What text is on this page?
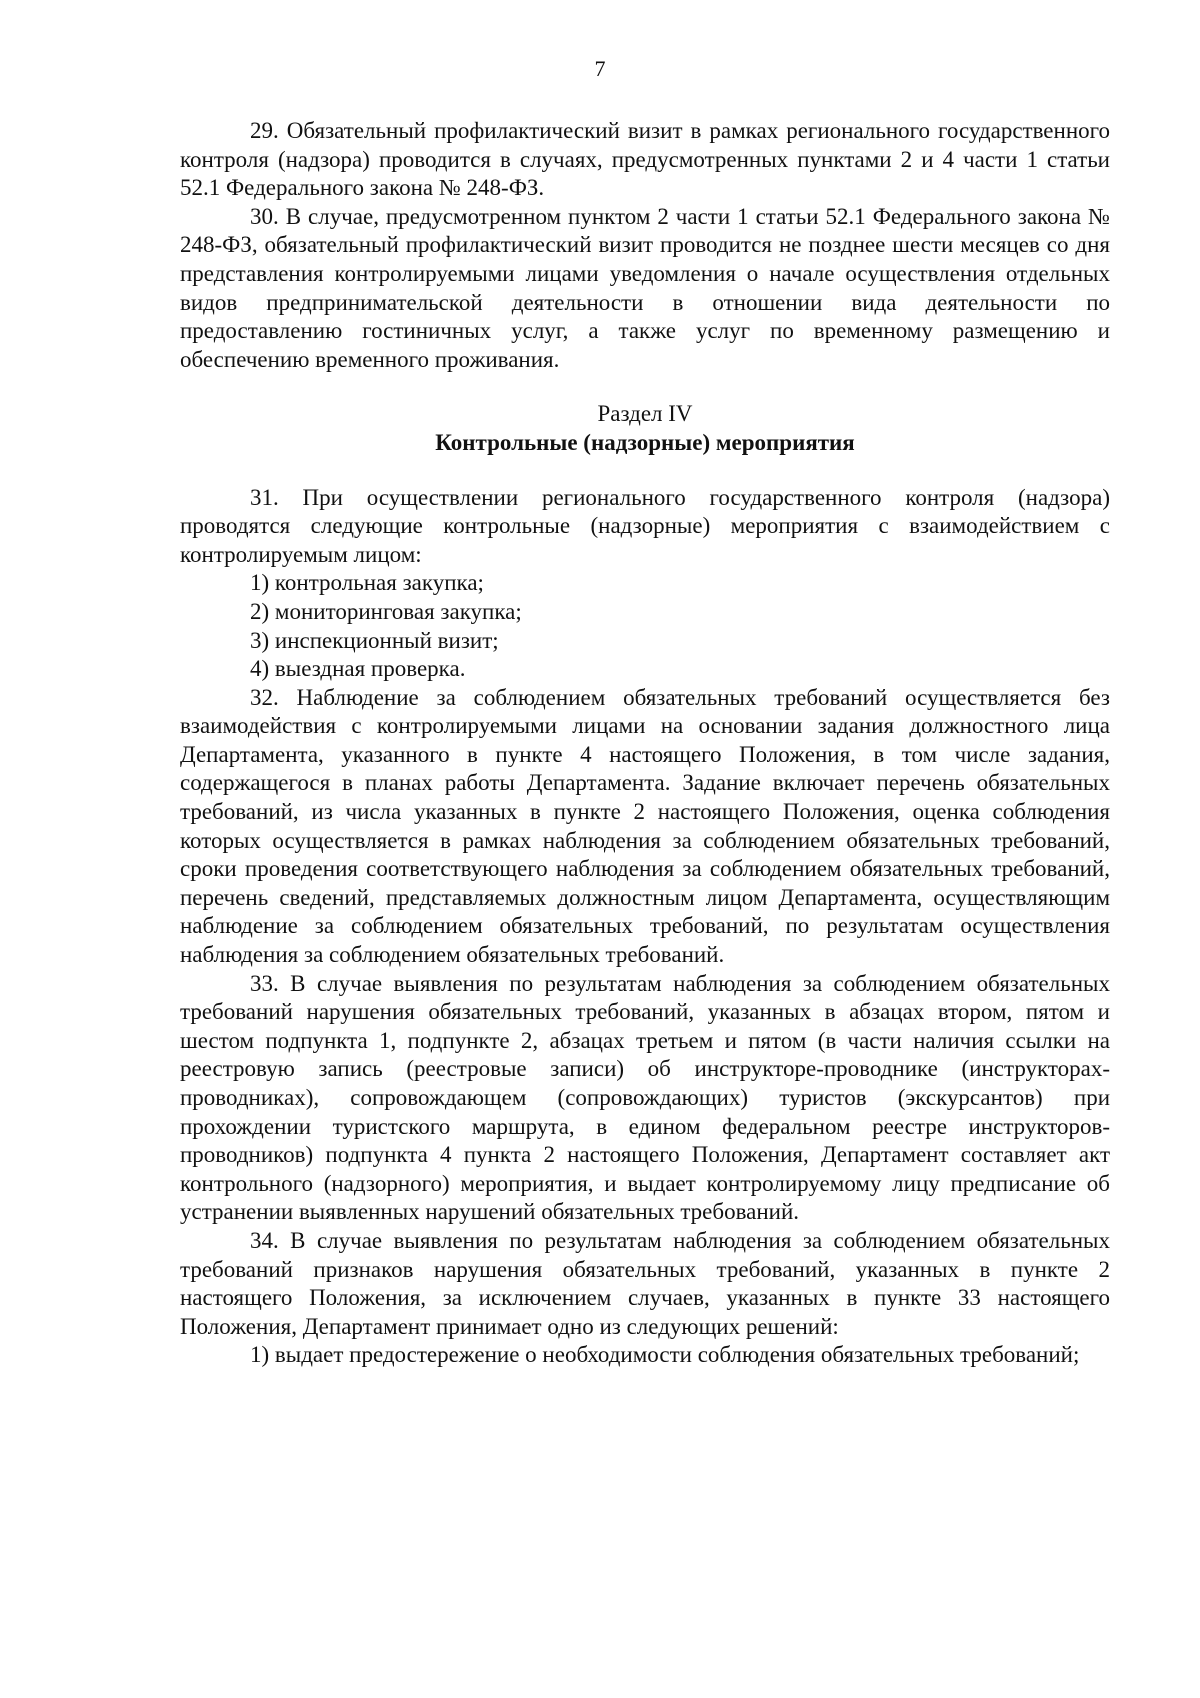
7

29. Обязательный профилактический визит в рамках регионального государственного контроля (надзора) проводится в случаях, предусмотренных пунктами 2 и 4 части 1 статьи 52.1 Федерального закона № 248-ФЗ.

30. В случае, предусмотренном пунктом 2 части 1 статьи 52.1 Федерального закона № 248-ФЗ, обязательный профилактический визит проводится не позднее шести месяцев со дня представления контролируемыми лицами уведомления о начале осуществления отдельных видов предпринимательской деятельности в отношении вида деятельности по предоставлению гостиничных услуг, а также услуг по временному размещению и обеспечению временного проживания.

Раздел IV

Контрольные (надзорные) мероприятия

31. При осуществлении регионального государственного контроля (надзора) проводятся следующие контрольные (надзорные) мероприятия с взаимодействием с контролируемым лицом:

1) контрольная закупка;

2) мониторинговая закупка;

3) инспекционный визит;

4) выездная проверка.

32. Наблюдение за соблюдением обязательных требований осуществляется без взаимодействия с контролируемыми лицами на основании задания должностного лица Департамента, указанного в пункте 4 настоящего Положения, в том числе задания, содержащегося в планах работы Департамента. Задание включает перечень обязательных требований, из числа указанных в пункте 2 настоящего Положения, оценка соблюдения которых осуществляется в рамках наблюдения за соблюдением обязательных требований, сроки проведения соответствующего наблюдения за соблюдением обязательных требований, перечень сведений, представляемых должностным лицом Департамента, осуществляющим наблюдение за соблюдением обязательных требований, по результатам осуществления наблюдения за соблюдением обязательных требований.

33. В случае выявления по результатам наблюдения за соблюдением обязательных требований нарушения обязательных требований, указанных в абзацах втором, пятом и шестом подпункта 1, подпункте 2, абзацах третьем и пятом (в части наличия ссылки на реестровую запись (реестровые записи) об инструкторе-проводнике (инструкторах-проводниках), сопровождающем (сопровождающих) туристов (экскурсантов) при прохождении туристского маршрута, в едином федеральном реестре инструкторов-проводников) подпункта 4 пункта 2 настоящего Положения, Департамент составляет акт контрольного (надзорного) мероприятия, и выдает контролируемому лицу предписание об устранении выявленных нарушений обязательных требований.

34. В случае выявления по результатам наблюдения за соблюдением обязательных требований признаков нарушения обязательных требований, указанных в пункте 2 настоящего Положения, за исключением случаев, указанных в пункте 33 настоящего Положения, Департамент принимает одно из следующих решений:

1) выдает предостережение о необходимости соблюдения обязательных требований;
